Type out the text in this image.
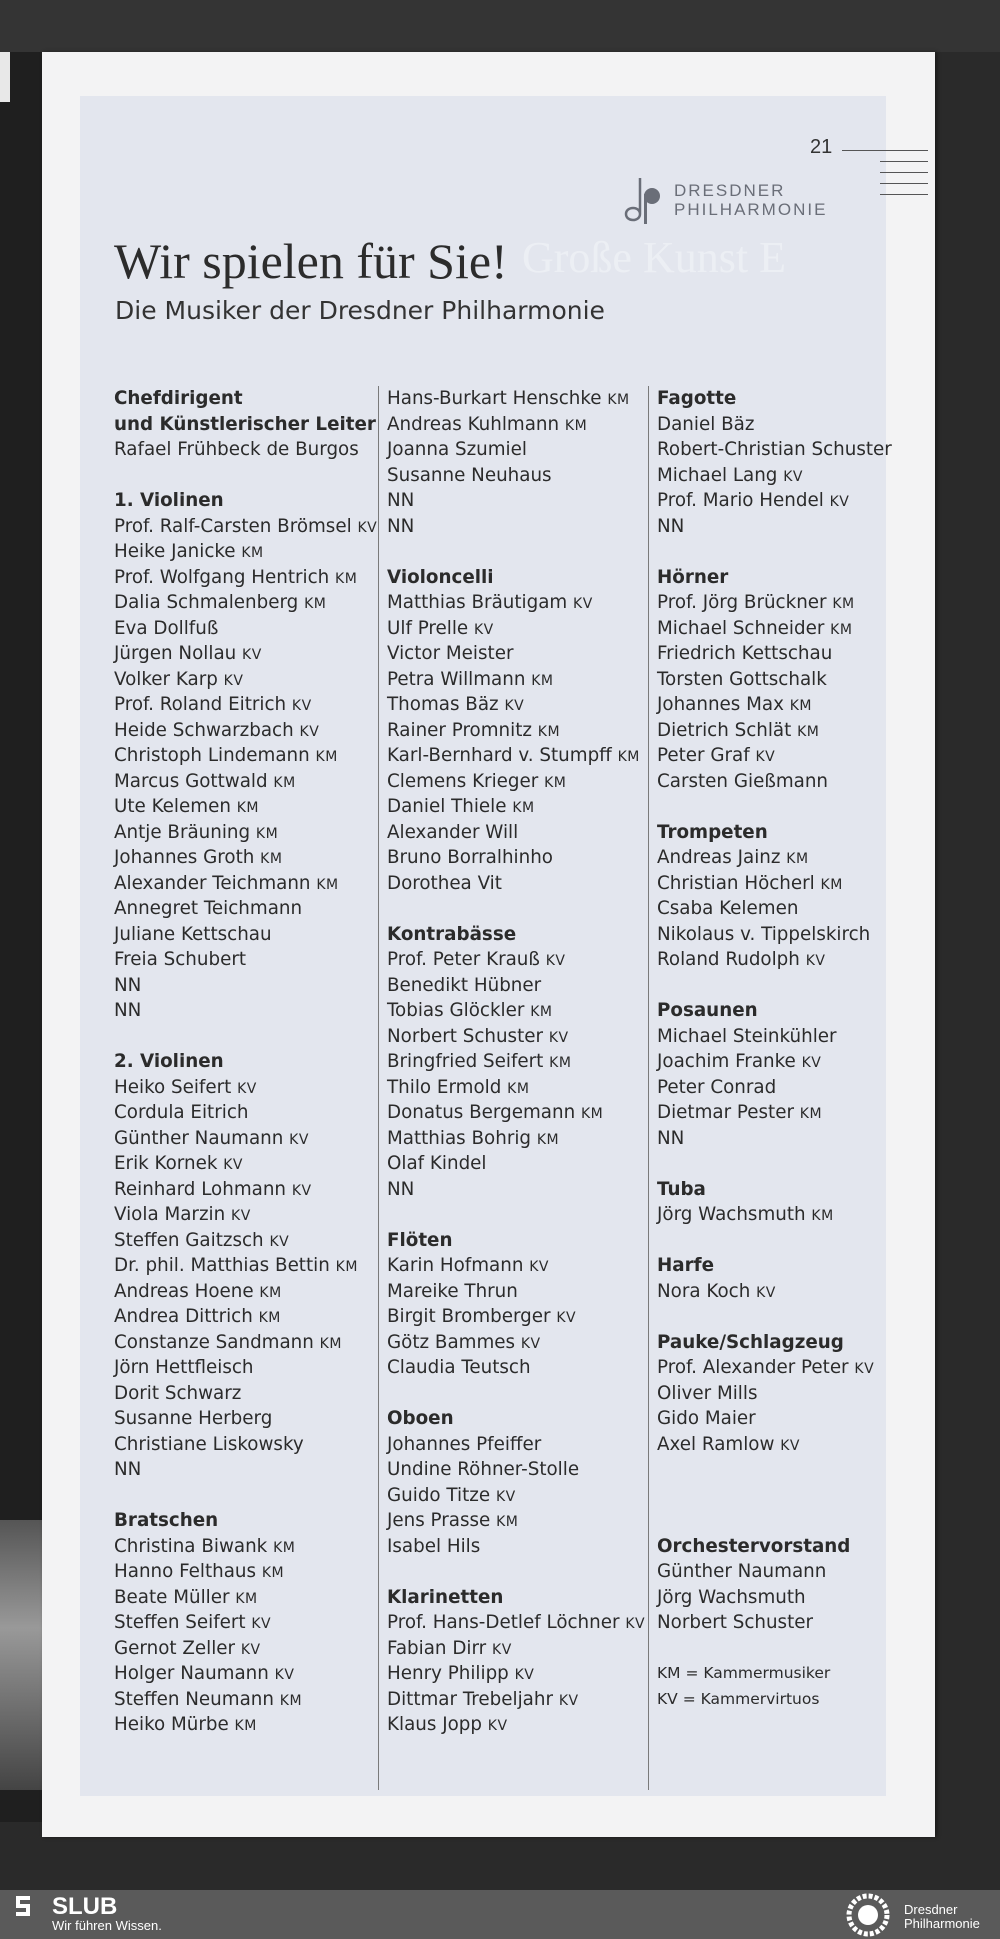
21
DRESDNER
PHILHARMONIE
Große Kunst E
Wir spielen für Sie!
Die Musiker der Dresdner Philharmonie
Chefdirigent
und Künstlerischer Leiter
Rafael Frühbeck de Burgos
1. Violinen
Prof. Ralf-Carsten Brömsel KV
Heike Janicke KM
Prof. Wolfgang Hentrich KM
Dalia Schmalenberg KM
Eva Dollfuß
Jürgen Nollau KV
Volker Karp KV
Prof. Roland Eitrich KV
Heide Schwarzbach KV
Christoph Lindemann KM
Marcus Gottwald KM
Ute Kelemen KM
Antje Bräuning KM
Johannes Groth KM
Alexander Teichmann KM
Annegret Teichmann
Juliane Kettschau
Freia Schubert
NN
NN
2. Violinen
Heiko Seifert KV
Cordula Eitrich
Günther Naumann KV
Erik Kornek KV
Reinhard Lohmann KV
Viola Marzin KV
Steffen Gaitzsch KV
Dr. phil. Matthias Bettin KM
Andreas Hoene KM
Andrea Dittrich KM
Constanze Sandmann KM
Jörn Hettfleisch
Dorit Schwarz
Susanne Herberg
Christiane Liskowsky
NN
Bratschen
Christina Biwank KM
Hanno Felthaus KM
Beate Müller KM
Steffen Seifert KV
Gernot Zeller KV
Holger Naumann KV
Steffen Neumann KM
Heiko Mürbe KM
Hans-Burkart Henschke KM
Andreas Kuhlmann KM
Joanna Szumiel
Susanne Neuhaus
NN
NN
Violoncelli
Matthias Bräutigam KV
Ulf Prelle KV
Victor Meister
Petra Willmann KM
Thomas Bäz KV
Rainer Promnitz KM
Karl-Bernhard v. Stumpff KM
Clemens Krieger KM
Daniel Thiele KM
Alexander Will
Bruno Borralhinho
Dorothea Vit
Kontrabässe
Prof. Peter Krauß KV
Benedikt Hübner
Tobias Glöckler KM
Norbert Schuster KV
Bringfried Seifert KM
Thilo Ermold KM
Donatus Bergemann KM
Matthias Bohrig KM
Olaf Kindel
NN
Flöten
Karin Hofmann KV
Mareike Thrun
Birgit Bromberger KV
Götz Bammes KV
Claudia Teutsch
Oboen
Johannes Pfeiffer
Undine Röhner-Stolle
Guido Titze KV
Jens Prasse KM
Isabel Hils
Klarinetten
Prof. Hans-Detlef Löchner KV
Fabian Dirr KV
Henry Philipp KV
Dittmar Trebeljahr KV
Klaus Jopp KV
Fagotte
Daniel Bäz
Robert-Christian Schuster
Michael Lang KV
Prof. Mario Hendel KV
NN
Hörner
Prof. Jörg Brückner KM
Michael Schneider KM
Friedrich Kettschau
Torsten Gottschalk
Johannes Max KM
Dietrich Schlät KM
Peter Graf KV
Carsten Gießmann
Trompeten
Andreas Jainz KM
Christian Höcherl KM
Csaba Kelemen
Nikolaus v. Tippelskirch
Roland Rudolph KV
Posaunen
Michael Steinkühler
Joachim Franke KV
Peter Conrad
Dietmar Pester KM
NN
Tuba
Jörg Wachsmuth KM
Harfe
Nora Koch KV
Pauke/Schlagzeug
Prof. Alexander Peter KV
Oliver Mills
Gido Maier
Axel Ramlow KV
Orchestervorstand
Günther Naumann
Jörg Wachsmuth
Norbert Schuster
KM = Kammermusiker
KV = Kammervirtuos
SLUB
Wir führen Wissen.
Dresdner
Philharmonie
